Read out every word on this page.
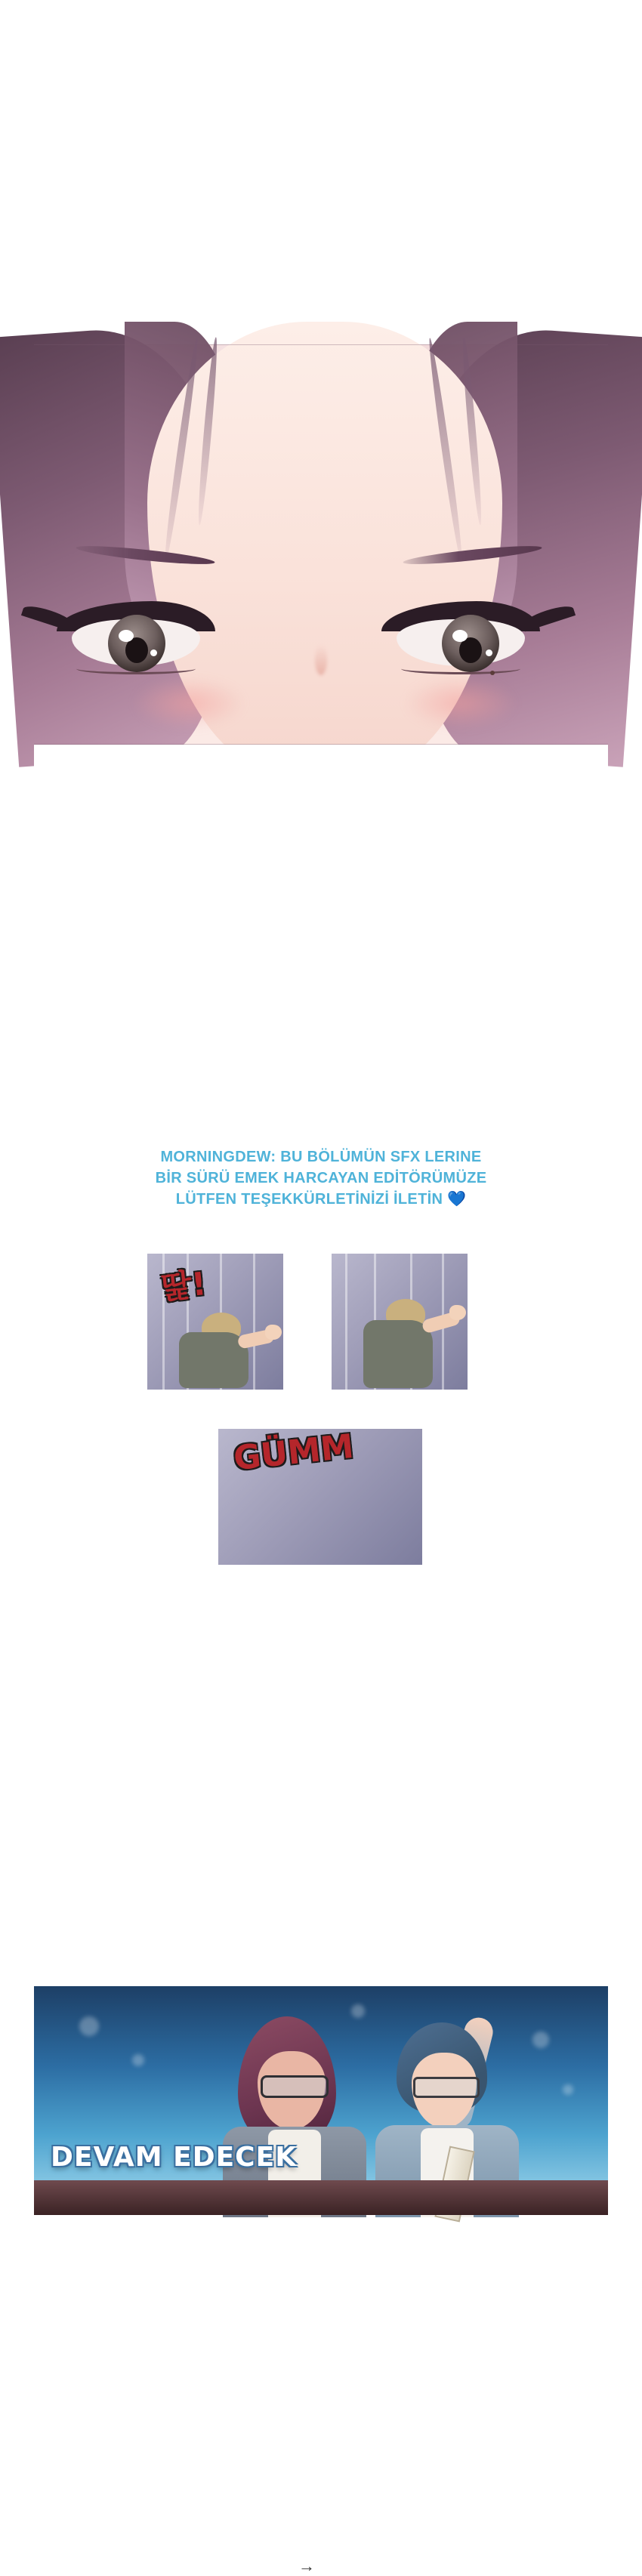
MORNINGDEW: BU BÖLÜMÜN SFX LERINE
BİR SÜRÜ EMEK HARCAYAN EDİTÖRÜMÜZE
LÜTFEN TEŞEKKÜRLETİNİZİ İLETİN 💙
딽!
→
GÜMM
DEVAM EDECEK
